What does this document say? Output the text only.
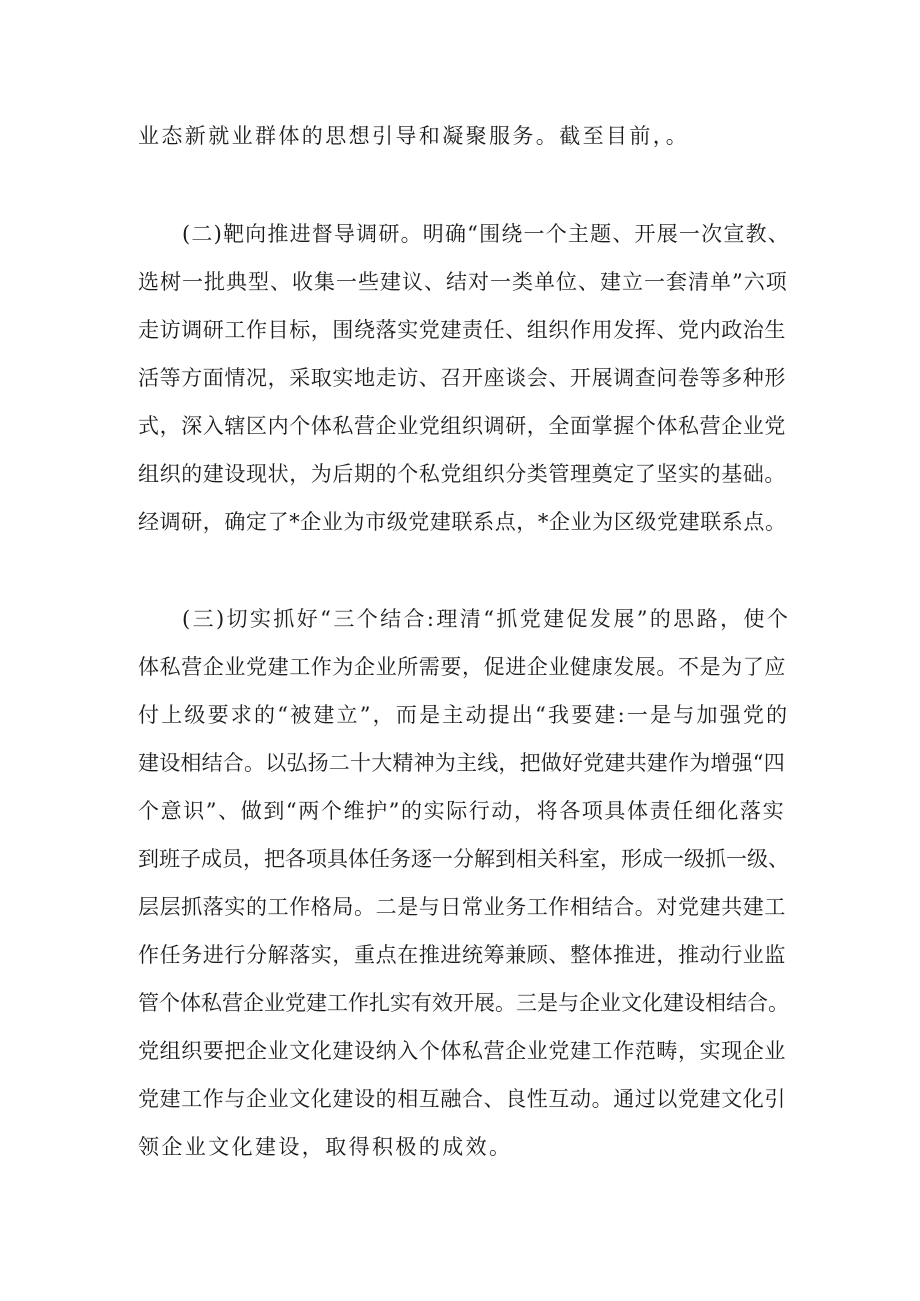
业态新就业群体的思想引导和凝聚服务。截至目前，。
(二)靶向推进督导调研。明确“围绕一个主题、开展一次宣教、
选树一批典型、收集一些建议、结对一类单位、建立一套清单”六项
走访调研工作目标，围绕落实党建责任、组织作用发挥、党内政治生
活等方面情况，采取实地走访、召开座谈会、开展调查问卷等多种形
式，深入辖区内个体私营企业党组织调研，全面掌握个体私营企业党
组织的建设现状，为后期的个私党组织分类管理奠定了坚实的基础。
经调研，确定了*企业为市级党建联系点，*企业为区级党建联系点。
(三)切实抓好“三个结合:理清“抓党建促发展”的思路，使个
体私营企业党建工作为企业所需要，促进企业健康发展。不是为了应
付上级要求的“被建立”，而是主动提出“我要建:一是与加强党的
建设相结合。以弘扬二十大精神为主线，把做好党建共建作为增强“四
个意识”、做到“两个维护”的实际行动，将各项具体责任细化落实
到班子成员，把各项具体任务逐一分解到相关科室，形成一级抓一级、
层层抓落实的工作格局。二是与日常业务工作相结合。对党建共建工
作任务进行分解落实，重点在推进统筹兼顾、整体推进，推动行业监
管个体私营企业党建工作扎实有效开展。三是与企业文化建设相结合。
党组织要把企业文化建设纳入个体私营企业党建工作范畴，实现企业
党建工作与企业文化建设的相互融合、良性互动。通过以党建文化引
领企业文化建设，取得积极的成效。
